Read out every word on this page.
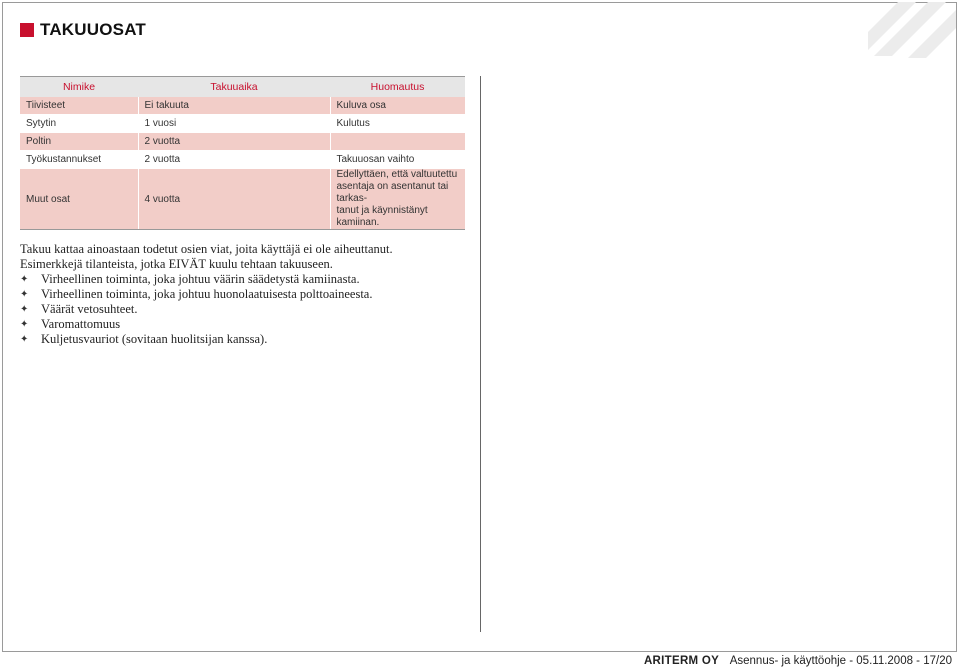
TAKUUOSAT
Nimike	Takuuaika	Huomautus
Tiivisteet	Ei takuuta	Kuluva osa
Sytytin	1 vuosi	Kulutus
Poltin	2 vuotta	
Työkustannukset	2 vuotta	Takuuosan vaihto
Muut osat	4 vuotta	Edellyttäen, että valtuutettu
asentaja on asentanut tai tarkas-
tanut ja käynnistänyt kamiinan.

Takuu kattaa ainoastaan todetut osien viat, joita käyttäjä ei ole aiheuttanut.

Esimerkkejä tilanteista, jotka EIVÄT kuulu tehtaan takuuseen.

✦ Virheellinen toiminta, joka johtuu väärin säädetystä kamiinasta.
✦ Virheellinen toiminta, joka johtuu huonolaatuisesta polttoaineesta.
✦ Väärät vetosuhteet.
✦ Varomattomuus
✦ Kuljetusvauriot (sovitaan huolitsijan kanssa).
ARITERM OY Asennus- ja käyttöohje - 05.11.2008 - 17/20
